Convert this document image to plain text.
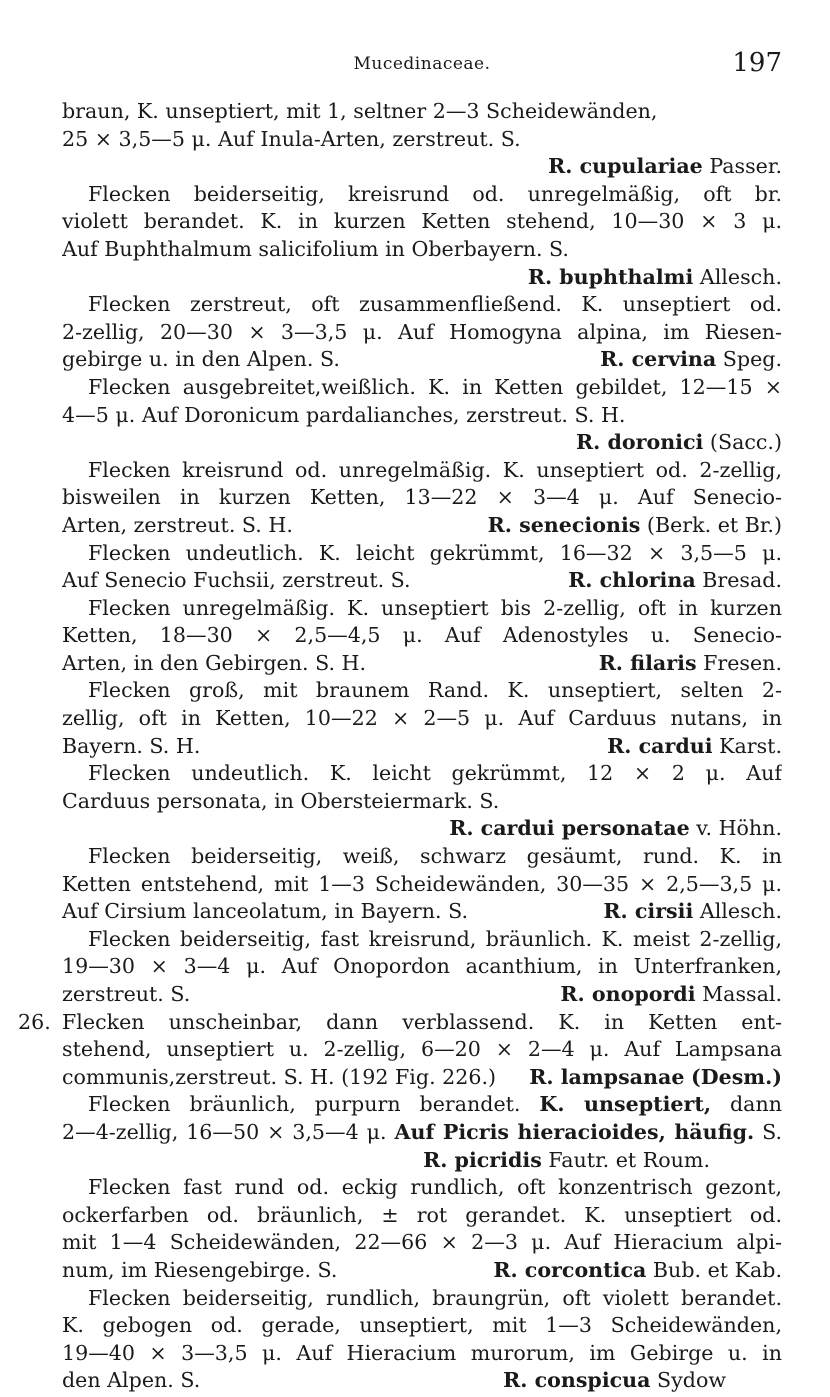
Mucedinaceae.	197
braun, K. unseptiert, mit 1, seltner 2—3 Scheidewänden,
25 × 3,5—5 μ. Auf Inula-Arten, zerstreut. S.
R. cupulariae Passer.
Flecken beiderseitig, kreisrund od. unregelmäßig, oft br.
violett berandet. K. in kurzen Ketten stehend, 10—30 × 3 μ.
Auf Buphthalmum salicifolium in Oberbayern. S.
R. buphthalmi Allesch.
Flecken zerstreut, oft zusammenfließend. K. unseptiert od.
2-zellig, 20—30 × 3—3,5 μ. Auf Homogyna alpina, im Riesen-
gebirge u. in den Alpen. S.	R. cervina Speg.
Flecken ausgebreitet,weißlich. K. in Ketten gebildet, 12—15 ×
4—5 μ. Auf Doronicum pardalianches, zerstreut. S. H.
R. doronici (Sacc.)
Flecken kreisrund od. unregelmäßig. K. unseptiert od. 2-zellig,
bisweilen in kurzen Ketten, 13—22 × 3—4 μ. Auf Senecio-
Arten, zerstreut. S. H.	R. senecionis (Berk. et Br.)
Flecken undeutlich. K. leicht gekrümmt, 16—32 × 3,5—5 μ.
Auf Senecio Fuchsii, zerstreut. S.	R. chlorina Bresad.
Flecken unregelmäßig. K. unseptiert bis 2-zellig, oft in kurzen
Ketten, 18—30 × 2,5—4,5 μ. Auf Adenostyles u. Senecio-
Arten, in den Gebirgen. S. H.	R. filaris Fresen.
Flecken groß, mit braunem Rand. K. unseptiert, selten 2-
zellig, oft in Ketten, 10—22 × 2—5 μ. Auf Carduus nutans, in
Bayern. S. H.	R. cardui Karst.
Flecken undeutlich. K. leicht gekrümmt, 12 × 2 μ. Auf
Carduus personata, in Obersteiermark. S.
R. cardui personatae v. Höhn.
Flecken beiderseitig, weiß, schwarz gesäumt, rund. K. in
Ketten entstehend, mit 1—3 Scheidewänden, 30—35 × 2,5—3,5 μ.
Auf Cirsium lanceolatum, in Bayern. S.	R. cirsii Allesch.
Flecken beiderseitig, fast kreisrund, bräunlich. K. meist 2-zellig,
19—30 × 3—4 μ. Auf Onopordon acanthium, in Unterfranken,
zerstreut. S.	R. onopordi Massal.
26. Flecken unscheinbar, dann verblassend. K. in Ketten ent-
stehend, unseptiert u. 2-zellig, 6—20 × 2—4 μ. Auf Lampsana
communis,zerstreut. S. H. (192 Fig. 226.) R. lampsanae (Desm.)
Flecken bräunlich, purpurn berandet. K. unseptiert, dann
2—4-zellig, 16—50 × 3,5—4 μ. Auf Picris hieracioides, häufig. S.
R. picridis Fautr. et Roum.
Flecken fast rund od. eckig rundlich, oft konzentrisch gezont,
ockerfarben od. bräunlich, ± rot gerandet. K. unseptiert od.
mit 1—4 Scheidewänden, 22—66 × 2—3 μ. Auf Hieracium alpi-
num, im Riesengebirge. S.	R. corcontica Bub. et Kab.
Flecken beiderseitig, rundlich, braungrün, oft violett berandet.
K. gebogen od. gerade, unseptiert, mit 1—3 Scheidewänden,
19—40 × 3—3,5 μ. Auf Hieracium murorum, im Gebirge u. in
den Alpen. S.	R. conspicua Sydow
